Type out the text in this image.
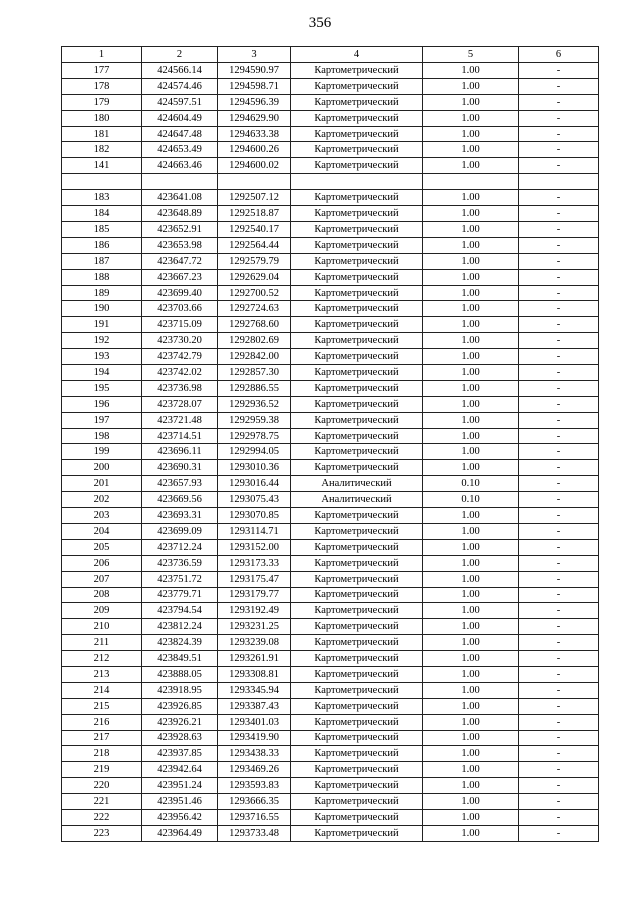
356
1	2	3	4	5	6
177	424566.14	1294590.97	Картометрический	1.00	-
178	424574.46	1294598.71	Картометрический	1.00	-
179	424597.51	1294596.39	Картометрический	1.00	-
180	424604.49	1294629.90	Картометрический	1.00	-
181	424647.48	1294633.38	Картометрический	1.00	-
182	424653.49	1294600.26	Картометрический	1.00	-
141	424663.46	1294600.02	Картометрический	1.00	-

183	423641.08	1292507.12	Картометрический	1.00	-
184	423648.89	1292518.87	Картометрический	1.00	-
185	423652.91	1292540.17	Картометрический	1.00	-
186	423653.98	1292564.44	Картометрический	1.00	-
187	423647.72	1292579.79	Картометрический	1.00	-
188	423667.23	1292629.04	Картометрический	1.00	-
189	423699.40	1292700.52	Картометрический	1.00	-
190	423703.66	1292724.63	Картометрический	1.00	-
191	423715.09	1292768.60	Картометрический	1.00	-
192	423730.20	1292802.69	Картометрический	1.00	-
193	423742.79	1292842.00	Картометрический	1.00	-
194	423742.02	1292857.30	Картометрический	1.00	-
195	423736.98	1292886.55	Картометрический	1.00	-
196	423728.07	1292936.52	Картометрический	1.00	-
197	423721.48	1292959.38	Картометрический	1.00	-
198	423714.51	1292978.75	Картометрический	1.00	-
199	423696.11	1292994.05	Картометрический	1.00	-
200	423690.31	1293010.36	Картометрический	1.00	-
201	423657.93	1293016.44	Аналитический	0.10	-
202	423669.56	1293075.43	Аналитический	0.10	-
203	423693.31	1293070.85	Картометрический	1.00	-
204	423699.09	1293114.71	Картометрический	1.00	-
205	423712.24	1293152.00	Картометрический	1.00	-
206	423736.59	1293173.33	Картометрический	1.00	-
207	423751.72	1293175.47	Картометрический	1.00	-
208	423779.71	1293179.77	Картометрический	1.00	-
209	423794.54	1293192.49	Картометрический	1.00	-
210	423812.24	1293231.25	Картометрический	1.00	-
211	423824.39	1293239.08	Картометрический	1.00	-
212	423849.51	1293261.91	Картометрический	1.00	-
213	423888.05	1293308.81	Картометрический	1.00	-
214	423918.95	1293345.94	Картометрический	1.00	-
215	423926.85	1293387.43	Картометрический	1.00	-
216	423926.21	1293401.03	Картометрический	1.00	-
217	423928.63	1293419.90	Картометрический	1.00	-
218	423937.85	1293438.33	Картометрический	1.00	-
219	423942.64	1293469.26	Картометрический	1.00	-
220	423951.24	1293593.83	Картометрический	1.00	-
221	423951.46	1293666.35	Картометрический	1.00	-
222	423956.42	1293716.55	Картометрический	1.00	-
223	423964.49	1293733.48	Картометрический	1.00	-
